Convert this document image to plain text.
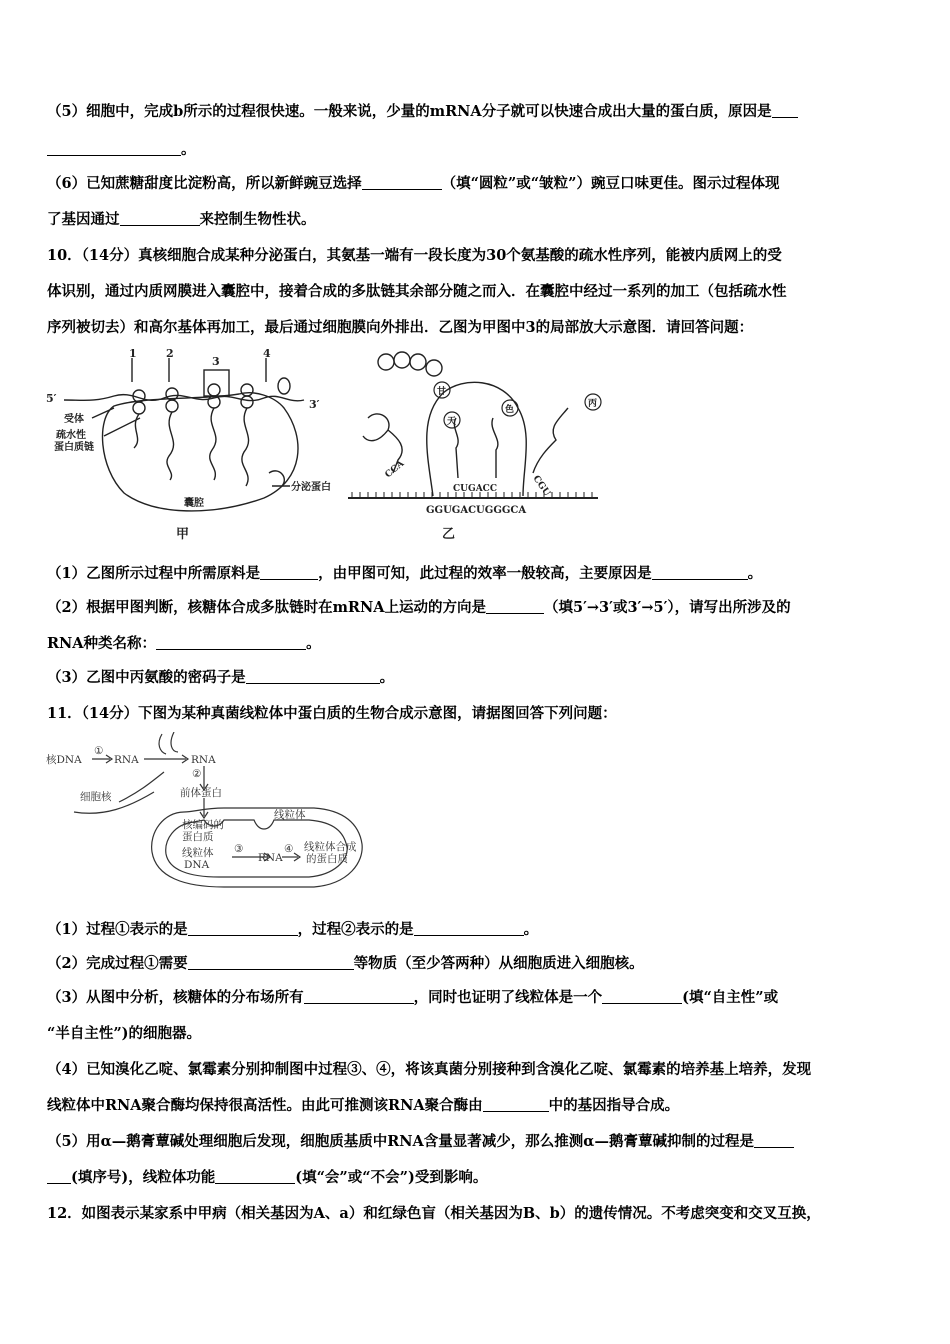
（5）细胞中，完成b所示的过程很快速。一般来说，少量的mRNA分子就可以快速合成出大量的蛋白质，原因是
。
（6）已知蔗糖甜度比淀粉高，所以新鲜豌豆选择	（填“圆粒”或“皱粒”）豌豆口味更佳。图示过程体现
了基因通过	来控制生物性状。
10．（14分）真核细胞合成某种分泌蛋白，其氨基一端有一段长度为30个氨基酸的疏水性序列，能被内质网上的受
体识别，通过内质网膜进入囊腔中，接着合成的多肽链其余部分随之而入．在囊腔中经过一系列的加工（包括疏水性
序列被切去）和高尔基体再加工，最后通过细胞膜向外排出．乙图为甲图中3的局部放大示意图．请回答问题：
1	2
3
4
5′	3′
受体
疏水性
蛋白质链
分泌蛋白
囊腔
甲
甘
天
色
丙
CCA
CUGACC	CGU
GGUGACUGGGCA
乙
（1）乙图所示过程中所需原料是	，由甲图可知，此过程的效率一般较高，主要原因是	。
（2）根据甲图判断，核糖体合成多肽链时在mRNA上运动的方向是	（填5′→3′或3′→5′），请写出所涉及的
RNA种类名称：	。
（3）乙图中丙氨酸的密码子是	。
11．（14分）下图为某种真菌线粒体中蛋白质的生物合成示意图，请据图回答下列问题：
核DNA
①
RNA	RNA
②
前体蛋白
细胞核
线粒体
核编码的
蛋白质
线粒体
DNA
③
RNA
④ 线粒体合成
的蛋白质
（1）过程①表示的是	，过程②表示的是	。
（2）完成过程①需要	等物质（至少答两种）从细胞质进入细胞核。
（3）从图中分析，核糖体的分布场所有	，同时也证明了线粒体是一个	(填“自主性”或
“半自主性”)的细胞器。
（4）已知溴化乙啶、氯霉素分别抑制图中过程③、④，将该真菌分别接种到含溴化乙啶、氯霉素的培养基上培养，发现
线粒体中RNA聚合酶均保持很高活性。由此可推测该RNA聚合酶由	中的基因指导合成。
（5）用α—鹅膏蕈碱处理细胞后发现，细胞质基质中RNA含量显著减少，那么推测α—鹅膏蕈碱抑制的过程是
(填序号)，线粒体功能	(填“会”或“不会”)受到影响。
12．如图表示某家系中甲病（相关基因为A、a）和红绿色盲（相关基因为B、b）的遗传情况。不考虑突变和交叉互换，
